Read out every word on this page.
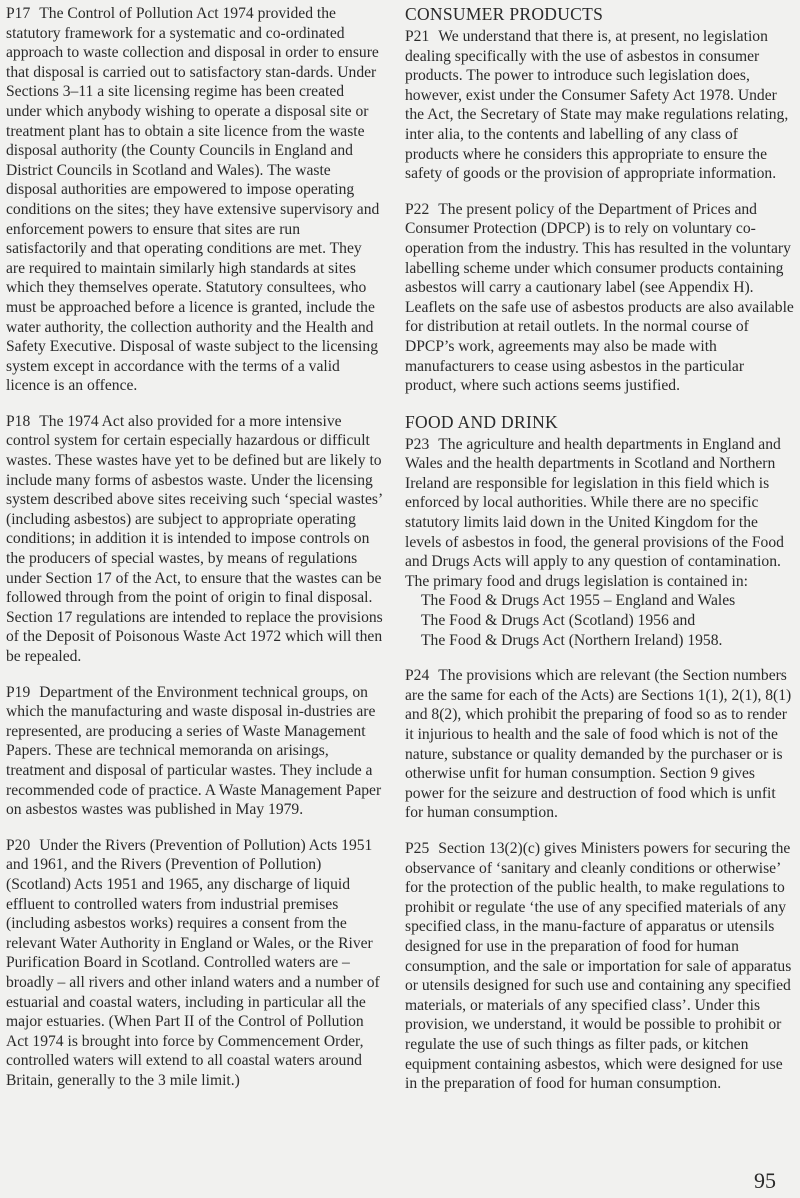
P17 The Control of Pollution Act 1974 provided the statutory framework for a systematic and co-ordinated approach to waste collection and disposal in order to ensure that disposal is carried out to satisfactory stan-dards. Under Sections 3–11 a site licensing regime has been created under which anybody wishing to operate a disposal site or treatment plant has to obtain a site licence from the waste disposal authority (the County Councils in England and District Councils in Scotland and Wales). The waste disposal authorities are empowered to impose operating conditions on the sites; they have extensive supervisory and enforcement powers to ensure that sites are run satisfactorily and that operating conditions are met. They are required to maintain similarly high standards at sites which they themselves operate. Statutory consultees, who must be approached before a licence is granted, include the water authority, the collection authority and the Health and Safety Executive. Disposal of waste subject to the licensing system except in accordance with the terms of a valid licence is an offence.

P18 The 1974 Act also provided for a more intensive control system for certain especially hazardous or difficult wastes. These wastes have yet to be defined but are likely to include many forms of asbestos waste. Under the licensing system described above sites receiving such ‘special wastes’ (including asbestos) are subject to appropriate operating conditions; in addition it is intended to impose controls on the producers of special wastes, by means of regulations under Section 17 of the Act, to ensure that the wastes can be followed through from the point of origin to final disposal. Section 17 regulations are intended to replace the provisions of the Deposit of Poisonous Waste Act 1972 which will then be repealed.

P19 Department of the Environment technical groups, on which the manufacturing and waste disposal in-dustries are represented, are producing a series of Waste Management Papers. These are technical memoranda on arisings, treatment and disposal of particular wastes. They include a recommended code of practice. A Waste Management Paper on asbestos wastes was published in May 1979.

P20 Under the Rivers (Prevention of Pollution) Acts 1951 and 1961, and the Rivers (Prevention of Pollution) (Scotland) Acts 1951 and 1965, any discharge of liquid effluent to controlled waters from industrial premises (including asbestos works) requires a consent from the relevant Water Authority in England or Wales, or the River Purification Board in Scotland. Controlled waters are – broadly – all rivers and other inland waters and a number of estuarial and coastal waters, including in particular all the major estuaries. (When Part II of the Control of Pollution Act 1974 is brought into force by Commencement Order, controlled waters will extend to all coastal waters around Britain, generally to the 3 mile limit.)

CONSUMER PRODUCTS

P21 We understand that there is, at present, no legislation dealing specifically with the use of asbestos in consumer products. The power to introduce such legislation does, however, exist under the Consumer Safety Act 1978. Under the Act, the Secretary of State may make regulations relating, inter alia, to the contents and labelling of any class of products where he considers this appropriate to ensure the safety of goods or the provision of appropriate information.

P22 The present policy of the Department of Prices and Consumer Protection (DPCP) is to rely on voluntary co-operation from the industry. This has resulted in the voluntary labelling scheme under which consumer products containing asbestos will carry a cautionary label (see Appendix H). Leaflets on the safe use of asbestos products are also available for distribution at retail outlets. In the normal course of DPCP’s work, agreements may also be made with manufacturers to cease using asbestos in the particular product, where such actions seems justified.

FOOD AND DRINK

P23 The agriculture and health departments in England and Wales and the health departments in Scotland and Northern Ireland are responsible for legislation in this field which is enforced by local authorities. While there are no specific statutory limits laid down in the United Kingdom for the levels of asbestos in food, the general provisions of the Food and Drugs Acts will apply to any question of contamination. The primary food and drugs legislation is contained in:

The Food & Drugs Act 1955 – England and Wales
The Food & Drugs Act (Scotland) 1956 and
The Food & Drugs Act (Northern Ireland) 1958.

P24 The provisions which are relevant (the Section numbers are the same for each of the Acts) are Sections 1(1), 2(1), 8(1) and 8(2), which prohibit the preparing of food so as to render it injurious to health and the sale of food which is not of the nature, substance or quality demanded by the purchaser or is otherwise unfit for human consumption. Section 9 gives power for the seizure and destruction of food which is unfit for human consumption.

P25 Section 13(2)(c) gives Ministers powers for securing the observance of ‘sanitary and cleanly conditions or otherwise’ for the protection of the public health, to make regulations to prohibit or regulate ‘the use of any specified materials of any specified class, in the manu-facture of apparatus or utensils designed for use in the preparation of food for human consumption, and the sale or importation for sale of apparatus or utensils designed for such use and containing any specified materials, or materials of any specified class’. Under this provision, we understand, it would be possible to prohibit or regulate the use of such things as filter pads, or kitchen equipment containing asbestos, which were designed for use in the preparation of food for human consumption.

95
